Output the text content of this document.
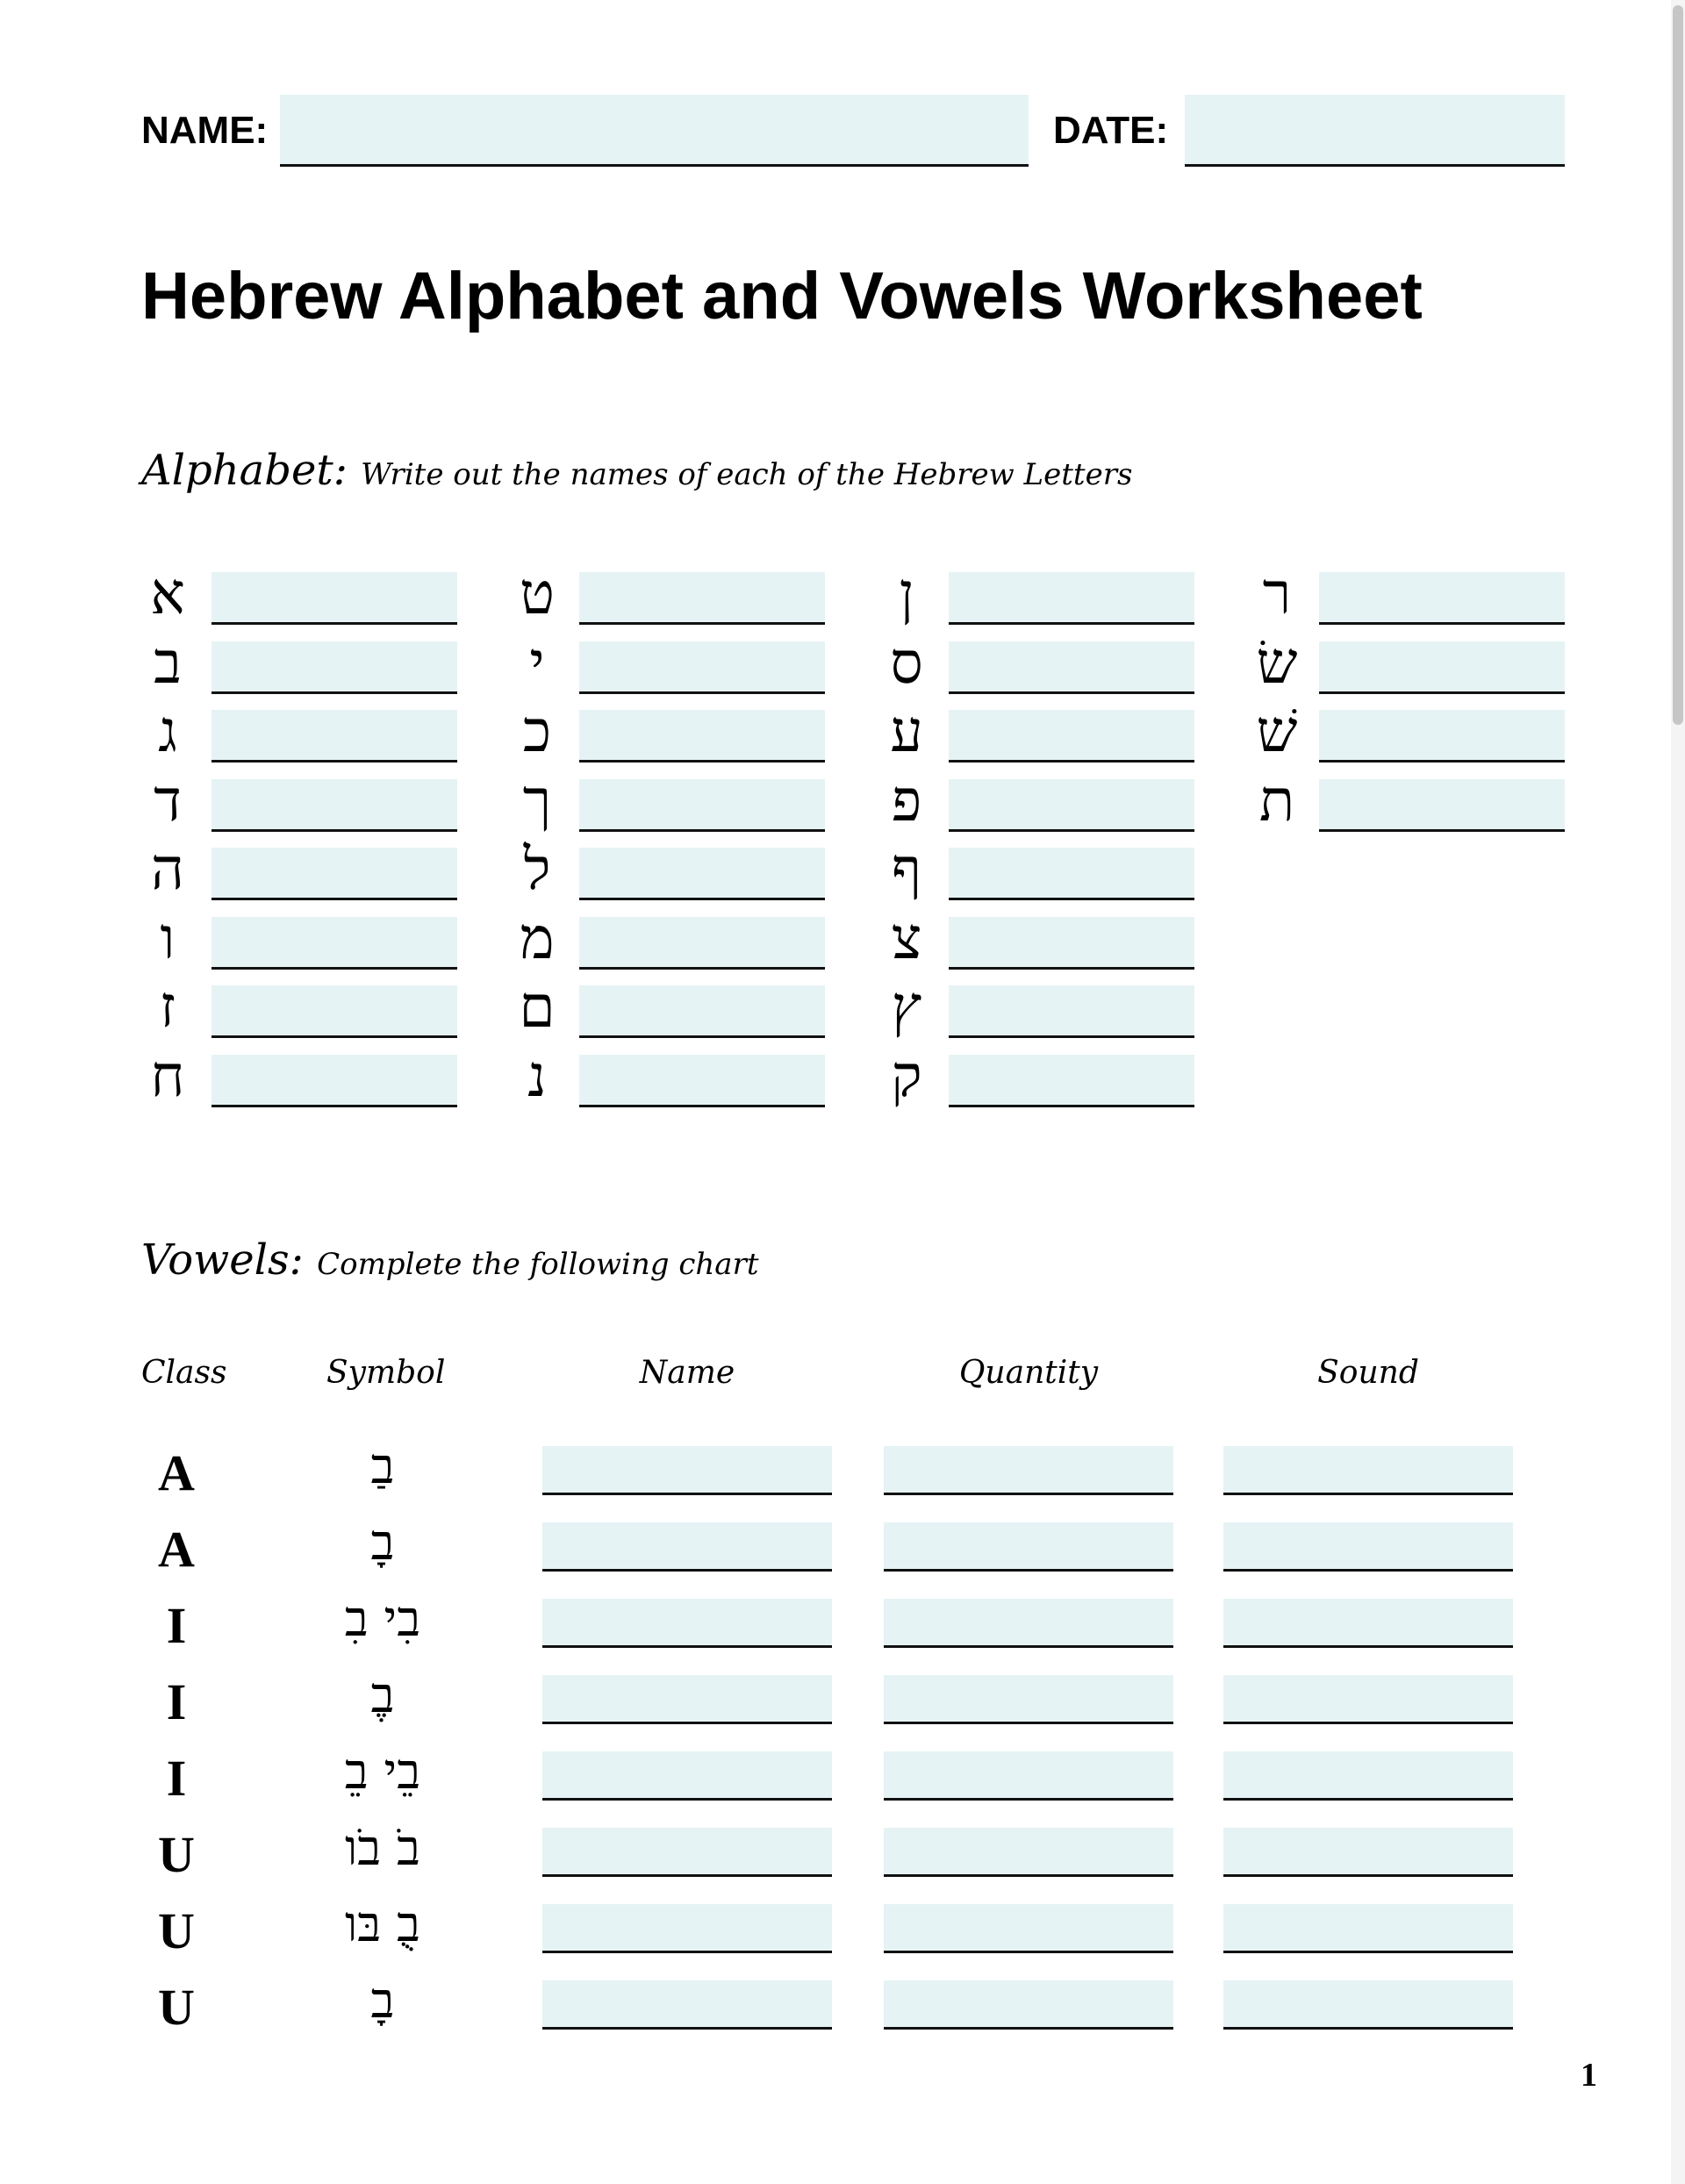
NAME:	DATE:
Hebrew Alphabet and Vowels Worksheet
Alphabet: Write out the names of each of the Hebrew Letters
א
ב
ג
ד
ה
ו
ז
ח
ט
י
כ
ך
ל
מ
ם
נ
ן
ס
ע
פ
ף
צ
ץ
ק
ר
שׂ
שׁ
ת
Vowels: Complete the following chart
Class	Symbol	Name	Quantity	Sound
A	בַ
A	בָ
I	בִי בִ
I	בֶ
I	בֵי בֵ
U	בֹ בֹו
U	בֻ בּו
U	בָ
1
